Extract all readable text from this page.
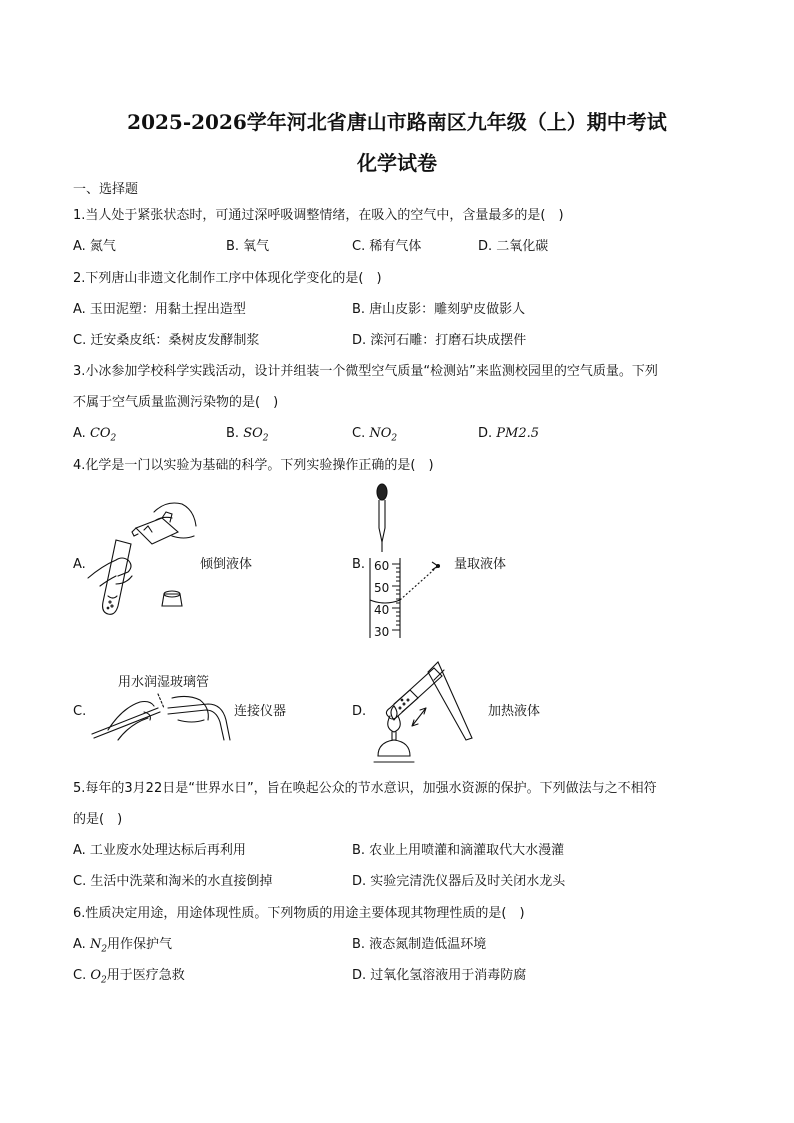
2025-2026学年河北省唐山市路南区九年级（上）期中考试
化学试卷
一、选择题
1.当人处于紧张状态时，可通过深呼吸调整情绪，在吸入的空气中，含量最多的是(　)
A. 氮气	B. 氧气	C. 稀有气体	D. 二氧化碳
2.下列唐山非遗文化制作工序中体现化学变化的是(　)
A. 玉田泥塑：用黏土捏出造型	B. 唐山皮影：雕刻驴皮做影人
C. 迁安桑皮纸：桑树皮发酵制浆	D. 滦河石雕：打磨石块成摆件
3.小冰参加学校科学实践活动，设计并组装一个微型空气质量“检测站”来监测校园里的空气质量。下列
不属于空气质量监测污染物的是(　)
A. $CO_2$	B. $SO_2$	C. $NO_2$	D. PM2.5
4.化学是一门以实验为基础的科学。下列实验操作正确的是(　)
A.	倾倒液体	B. 60
50
40
30
量取液体
C.
用水润湿玻璃管
连接仪器	D.	加热液体
5.每年的3月22日是“世界水日”，旨在唤起公众的节水意识，加强水资源的保护。下列做法与之不相符
的是(　)
A. 工业废水处理达标后再利用	B. 农业上用喷灌和滴灌取代大水漫灌
C. 生活中洗菜和淘米的水直接倒掉	D. 实验完清洗仪器后及时关闭水龙头
6.性质决定用途，用途体现性质。下列物质的用途主要体现其物理性质的是(　)
A. $N_2$用作保护气	B. 液态氮制造低温环境
C. $O_2$用于医疗急救	D. 过氧化氢溶液用于消毒防腐
